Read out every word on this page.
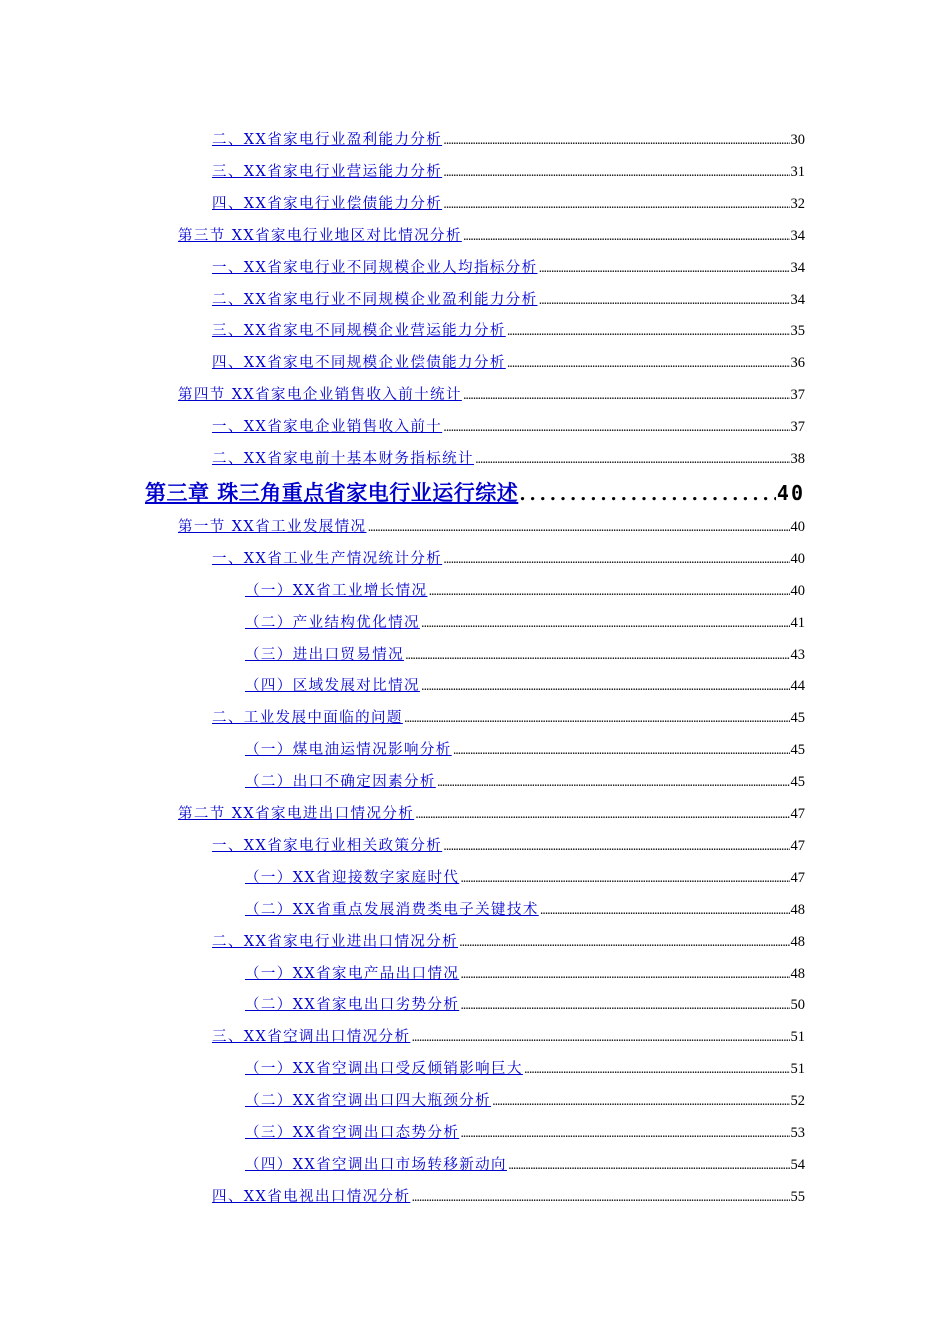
二、XX省家电行业盈利能力分析 . . .	30
三、XX省家电行业营运能力分析 . . .	31
四、XX省家电行业偿债能力分析 . . .	32
第三节 XX省家电行业地区对比情况分析 . . .	34
一、XX省家电行业不同规模企业人均指标分析 . . .	34
二、XX省家电行业不同规模企业盈利能力分析 . . .	34
三、XX省家电不同规模企业营运能力分析 . . .	35
四、XX省家电不同规模企业偿债能力分析 . . .	36
第四节 XX省家电企业销售收入前十统计 . . .	37
一、XX省家电企业销售收入前十 . . .	37
二、XX省家电前十基本财务指标统计 . . .	38
第三章 珠三角重点省家电行业运行综述 . . .	40
第一节 XX省工业发展情况 . . .	40
一、XX省工业生产情况统计分析 . . .	40
（一）XX省工业增长情况 . . .	40
（二）产业结构优化情况 . . .	41
（三）进出口贸易情况 . . .	43
（四）区域发展对比情况 . . .	44
二、工业发展中面临的问题 . . .	45
（一）煤电油运情况影响分析 . . .	45
（二）出口不确定因素分析 . . .	45
第二节 XX省家电进出口情况分析 . . .	47
一、XX省家电行业相关政策分析 . . .	47
（一）XX省迎接数字家庭时代 . . .	47
（二）XX省重点发展消费类电子关键技术 . . .	48
二、XX省家电行业进出口情况分析 . . .	48
（一）XX省家电产品出口情况 . . .	48
（二）XX省家电出口劣势分析 . . .	50
三、XX省空调出口情况分析 . . .	51
（一）XX省空调出口受反倾销影响巨大 . . .	51
（二）XX省空调出口四大瓶颈分析 . . .	52
（三）XX省空调出口态势分析 . . .	53
（四）XX省空调出口市场转移新动向 . . .	54
四、XX省电视出口情况分析 . . .	55
